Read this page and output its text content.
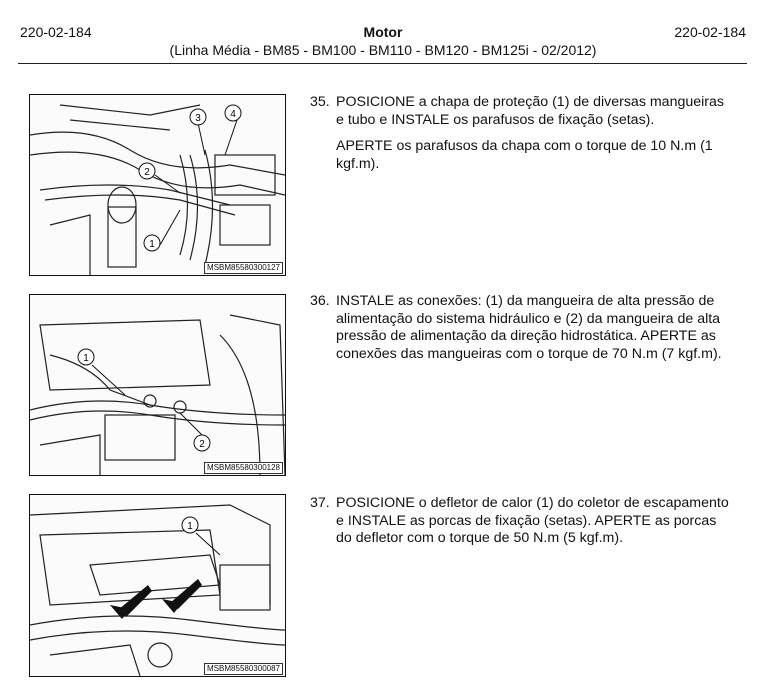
220-02-184	Motor	220-02-184
(Linha Média - BM85 - BM100 - BM110 - BM120 - BM125i - 02/2012)
1
2
3	4
MSBM85580300127
35. POSICIONE a chapa de proteção (1) de diversas mangueiras e tubo e INSTALE os parafusos de fixação (setas).

APERTE os parafusos da chapa com o torque de 10 N.m (1 kgf.m).

1
2
MSBM85580300128
36. INSTALE as conexões: (1) da mangueira de alta pressão de alimentação do sistema hidráulico e (2) da mangueira de alta pressão de alimentação da direção hidrostática. APERTE as conexões das mangueiras com o torque de 70 N.m (7 kgf.m).

1
MSBM85580300087
37. POSICIONE o defletor de calor (1) do coletor de escapamento e INSTALE as porcas de fixação (setas). APERTE as porcas do defletor com o torque de 50 N.m (5 kgf.m).
